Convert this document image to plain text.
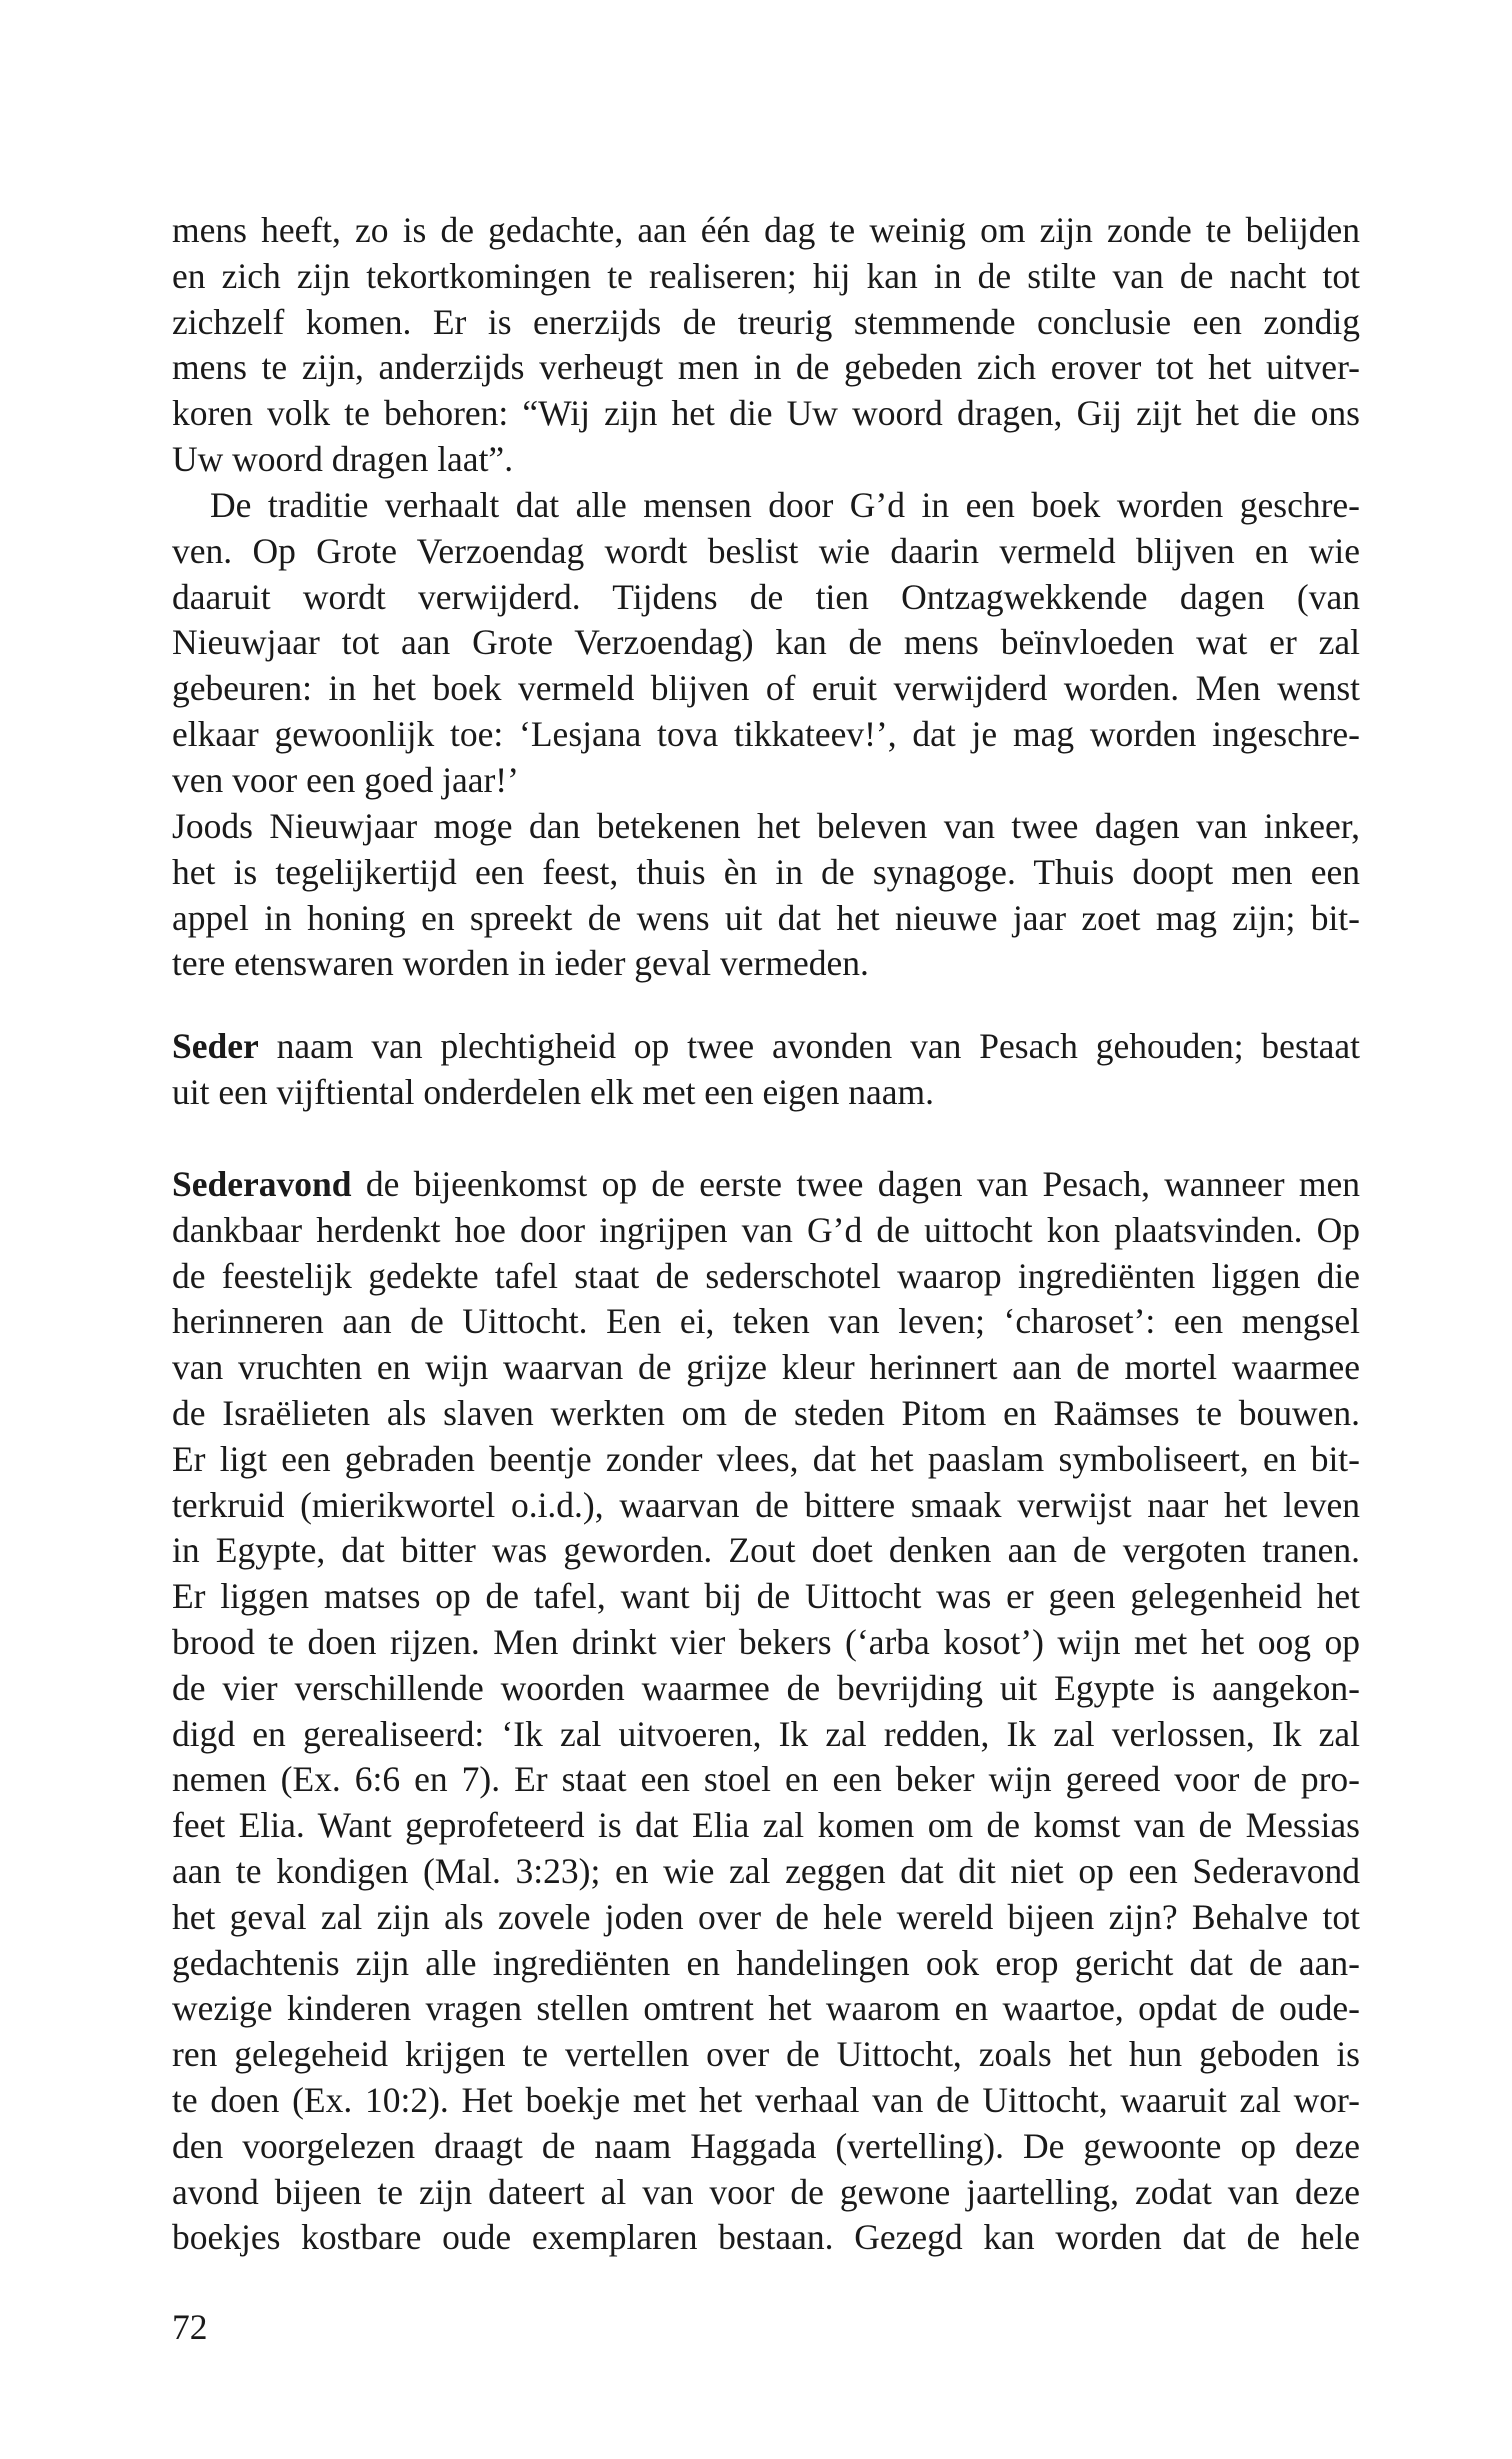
mens heeft, zo is de gedachte, aan één dag te weinig om zijn zonde te belijden
en zich zijn tekortkomingen te realiseren; hij kan in de stilte van de nacht tot
zichzelf komen. Er is enerzijds de treurig stemmende conclusie een zondig
mens te zijn, anderzijds verheugt men in de gebeden zich erover tot het uitver-
koren volk te behoren: “Wij zijn het die Uw woord dragen, Gij zijt het die ons
Uw woord dragen laat”.
De traditie verhaalt dat alle mensen door G’d in een boek worden geschre-
ven. Op Grote Verzoendag wordt beslist wie daarin vermeld blijven en wie
daaruit wordt verwijderd. Tijdens de tien Ontzagwekkende dagen (van
Nieuwjaar tot aan Grote Verzoendag) kan de mens beïnvloeden wat er zal
gebeuren: in het boek vermeld blijven of eruit verwijderd worden. Men wenst
elkaar gewoonlijk toe: ‘Lesjana tova tikkateev!’, dat je mag worden ingeschre-
ven voor een goed jaar!’
Joods Nieuwjaar moge dan betekenen het beleven van twee dagen van inkeer,
het is tegelijkertijd een feest, thuis èn in de synagoge. Thuis doopt men een
appel in honing en spreekt de wens uit dat het nieuwe jaar zoet mag zijn; bit-
tere etenswaren worden in ieder geval vermeden.
Seder naam van plechtigheid op twee avonden van Pesach gehouden; bestaat
uit een vijftiental onderdelen elk met een eigen naam.
Sederavond de bijeenkomst op de eerste twee dagen van Pesach, wanneer men
dankbaar herdenkt hoe door ingrijpen van G’d de uittocht kon plaatsvinden. Op
de feestelijk gedekte tafel staat de sederschotel waarop ingrediënten liggen die
herinneren aan de Uittocht. Een ei, teken van leven; ‘charoset’: een mengsel
van vruchten en wijn waarvan de grijze kleur herinnert aan de mortel waarmee
de Israëlieten als slaven werkten om de steden Pitom en Raämses te bouwen.
Er ligt een gebraden beentje zonder vlees, dat het paaslam symboliseert, en bit-
terkruid (mierikwortel o.i.d.), waarvan de bittere smaak verwijst naar het leven
in Egypte, dat bitter was geworden. Zout doet denken aan de vergoten tranen.
Er liggen matses op de tafel, want bij de Uittocht was er geen gelegenheid het
brood te doen rijzen. Men drinkt vier bekers (‘arba kosot’) wijn met het oog op
de vier verschillende woorden waarmee de bevrijding uit Egypte is aangekon-
digd en gerealiseerd: ‘Ik zal uitvoeren, Ik zal redden, Ik zal verlossen, Ik zal
nemen (Ex. 6:6 en 7). Er staat een stoel en een beker wijn gereed voor de pro-
feet Elia. Want geprofeteerd is dat Elia zal komen om de komst van de Messias
aan te kondigen (Mal. 3:23); en wie zal zeggen dat dit niet op een Sederavond
het geval zal zijn als zovele joden over de hele wereld bijeen zijn? Behalve tot
gedachtenis zijn alle ingrediënten en handelingen ook erop gericht dat de aan-
wezige kinderen vragen stellen omtrent het waarom en waartoe, opdat de oude-
ren gelegeheid krijgen te vertellen over de Uittocht, zoals het hun geboden is
te doen (Ex. 10:2). Het boekje met het verhaal van de Uittocht, waaruit zal wor-
den voorgelezen draagt de naam Haggada (vertelling). De gewoonte op deze
avond bijeen te zijn dateert al van voor de gewone jaartelling, zodat van deze
boekjes kostbare oude exemplaren bestaan. Gezegd kan worden dat de hele
72
